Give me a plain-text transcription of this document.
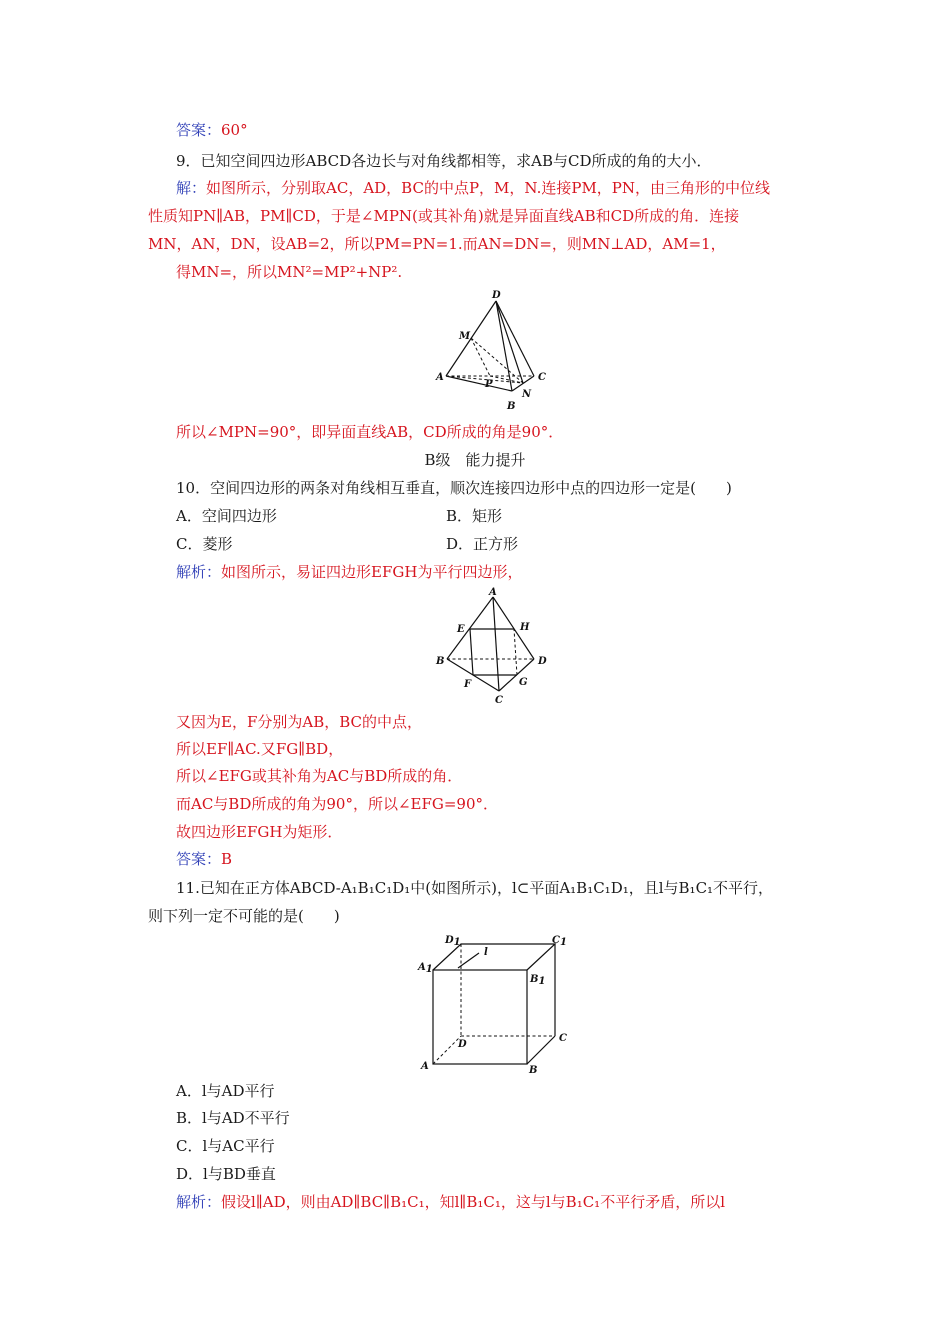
答案：60°
9．已知空间四边形ABCD各边长与对角线都相等，求AB与CD所成的角的大小．
解：如图所示，分别取AC，AD，BC的中点P，M，N.连接PM，PN，由三角形的中位线
性质知PN∥AB，PM∥CD，于是∠MPN(或其补角)就是异面直线AB和CD所成的角．连接
MN，AN，DN，设AB=2，所以PM=PN=1.而AN=DN=，则MN⊥AD，AM=1，
得MN=，所以MN²=MP²+NP².
D
M
A
P
C
N
B
所以∠MPN=90°，即异面直线AB，CD所成的角是90°．
B级　能力提升
10．空间四边形的两条对角线相互垂直，顺次连接四边形中点的四边形一定是(　　)
A．空间四边形	B．矩形
C．菱形	D．正方形
解析：如图所示，易证四边形EFGH为平行四边形，
A
E	H
B	D
F	G
C
又因为E，F分别为AB，BC的中点，
所以EF∥AC.又FG∥BD，
所以∠EFG或其补角为AC与BD所成的角．
而AC与BD所成的角为90°，所以∠EFG=90°．
故四边形EFGH为矩形．
答案：B
11.已知在正方体ABCD-A₁B₁C₁D₁中(如图所示)，l⊂平面A₁B₁C₁D₁，且l与B₁C₁不平行，
则下列一定不可能的是(　　)
D1	C1
A1
l
B1
D
C
A	B
A．l与AD平行
B．l与AD不平行
C．l与AC平行
D．l与BD垂直
解析：假设l∥AD，则由AD∥BC∥B₁C₁，知l∥B₁C₁，这与l与B₁C₁不平行矛盾，所以l
